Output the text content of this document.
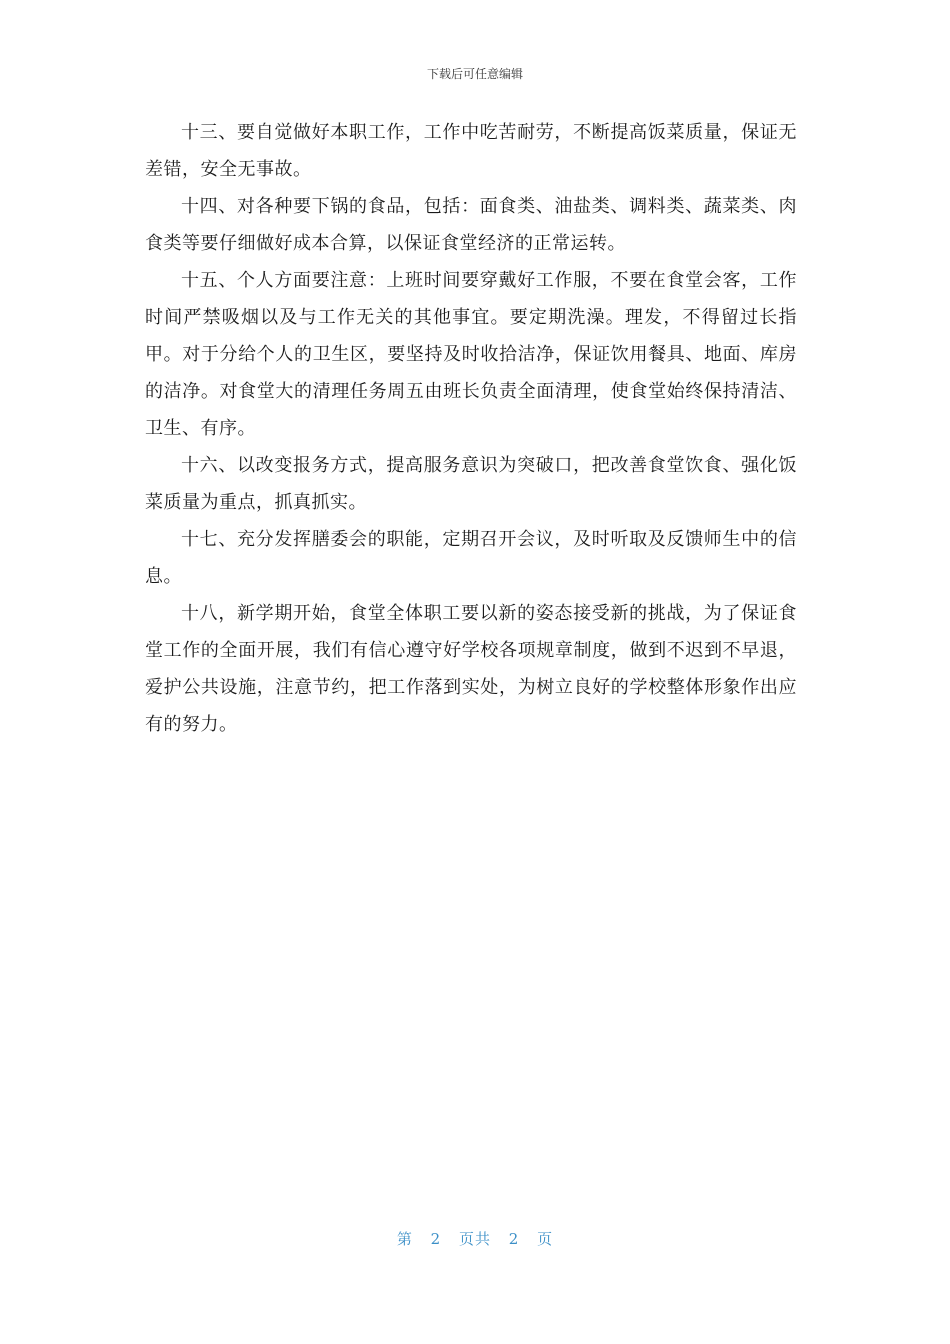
下载后可任意编辑

十三、要自觉做好本职工作，工作中吃苦耐劳，不断提高饭菜质量，保证无差错，安全无事故。

十四、对各种要下锅的食品，包括：面食类、油盐类、调料类、蔬菜类、肉食类等要仔细做好成本合算，以保证食堂经济的正常运转。

十五、个人方面要注意：上班时间要穿戴好工作服，不要在食堂会客，工作时间严禁吸烟以及与工作无关的其他事宜。要定期洗澡。理发，不得留过长指甲。对于分给个人的卫生区，要坚持及时收拾洁净，保证饮用餐具、地面、库房的洁净。对食堂大的清理任务周五由班长负责全面清理，使食堂始终保持清洁、卫生、有序。

十六、以改变报务方式，提高服务意识为突破口，把改善食堂饮食、强化饭菜质量为重点，抓真抓实。

十七、充分发挥膳委会的职能，定期召开会议，及时听取及反馈师生中的信息。

十八，新学期开始，食堂全体职工要以新的姿态接受新的挑战，为了保证食堂工作的全面开展，我们有信心遵守好学校各项规章制度，做到不迟到不早退，爱护公共设施，注意节约，把工作落到实处，为树立良好的学校整体形象作出应有的努力。

第 2 页共 2 页
